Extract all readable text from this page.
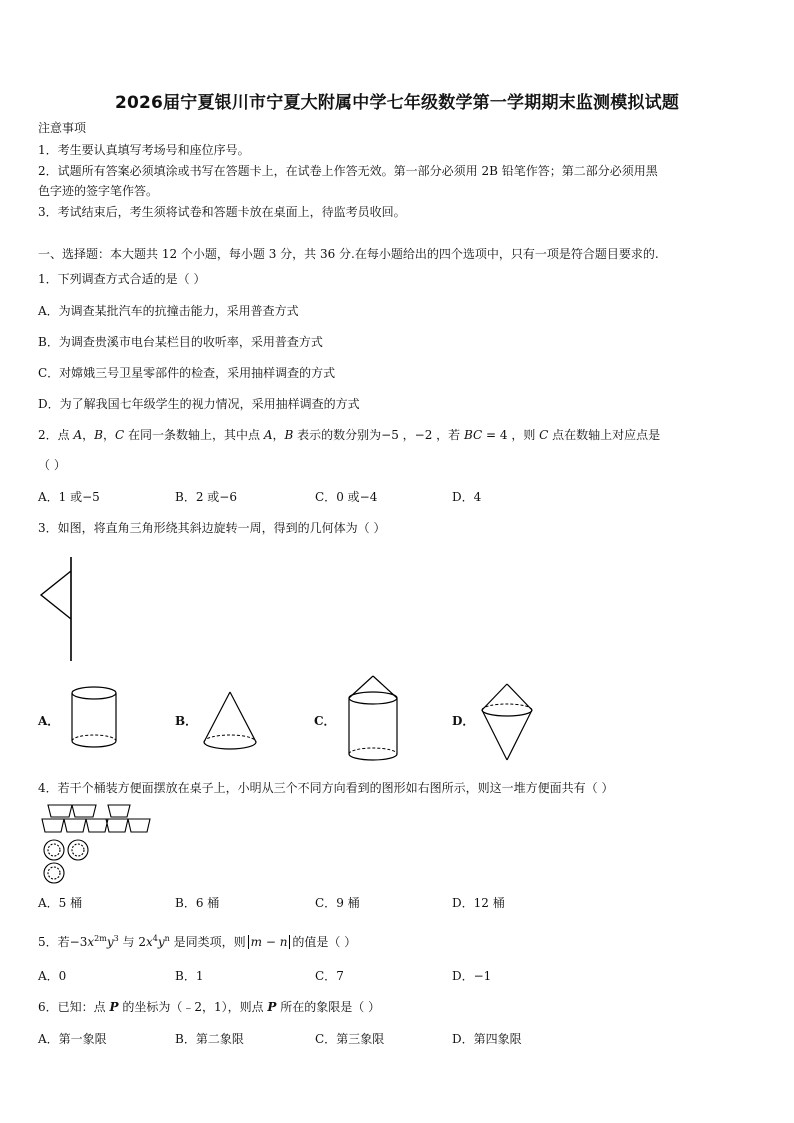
2026届宁夏银川市宁夏大附属中学七年级数学第一学期期末监测模拟试题
注意事项
1．考生要认真填写考场号和座位序号。
2．试题所有答案必须填涂或书写在答题卡上，在试卷上作答无效。第一部分必须用 2B 铅笔作答；第二部分必须用黑
色字迹的签字笔作答。
3．考试结束后，考生须将试卷和答题卡放在桌面上，待监考员收回。
一、选择题：本大题共 12 个小题，每小题 3 分，共 36 分.在每小题给出的四个选项中，只有一项是符合题目要求的.
1．下列调查方式合适的是（ ）
A．为调查某批汽车的抗撞击能力，采用普查方式
B．为调查贵溪市电台某栏目的收听率，采用普查方式
C．对嫦娥三号卫星零部件的检查，采用抽样调查的方式
D．为了解我国七年级学生的视力情况，采用抽样调查的方式
2．点 A，B，C 在同一条数轴上，其中点 A，B 表示的数分别为−5 ，−2 ，若 BC = 4 ，则 C 点在数轴上对应点是
（ ）
A．1 或−5	B．2 或−6	C．0 或−4	D．4
3．如图，将直角三角形绕其斜边旋转一周，得到的几何体为（ ）
A．	B．	C．	D．
4．若干个桶装方便面摆放在桌子上，小明从三个不同方向看到的图形如右图所示，则这一堆方便面共有（ ）
A．5 桶	B．6 桶	C．9 桶	D．12 桶
5．若$-3x^{2m}y^3$ 与 $2x^4y^n$ 是同类项，则 m − n 的值是（ ）
A．0	B．1	C．7	D．−1
6．已知：点 P 的坐标为（﹣2，1），则点 P 所在的象限是（ ）
A．第一象限	B．第二象限	C．第三象限	D．第四象限
